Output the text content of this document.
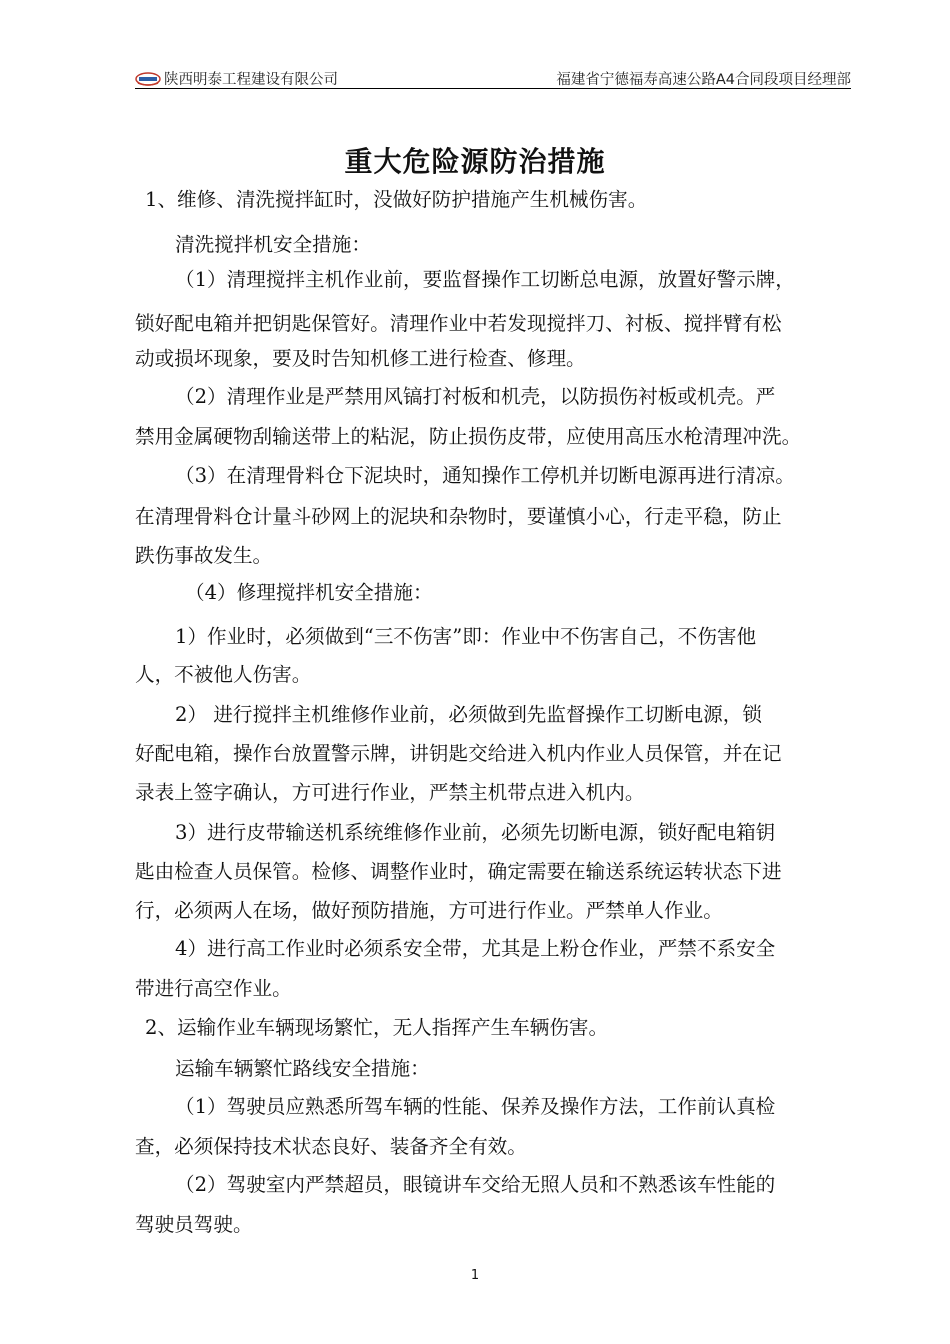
陕西明泰工程建设有限公司	福建省宁德福寿高速公路A4合同段项目经理部
重大危险源防治措施
1、维修、清洗搅拌缸时，没做好防护措施产生机械伤害。
清洗搅拌机安全措施：
（1）清理搅拌主机作业前，要监督操作工切断总电源，放置好警示牌，
锁好配电箱并把钥匙保管好。清理作业中若发现搅拌刀、衬板、搅拌臂有松
动或损坏现象，要及时告知机修工进行检查、修理。
（2）清理作业是严禁用风镐打衬板和机壳，以防损伤衬板或机壳。严
禁用金属硬物刮输送带上的粘泥，防止损伤皮带，应使用高压水枪清理冲洗。
（3）在清理骨料仓下泥块时，通知操作工停机并切断电源再进行清凉。
在清理骨料仓计量斗砂网上的泥块和杂物时，要谨慎小心，行走平稳，防止
跌伤事故发生。
（4）修理搅拌机安全措施：
1）作业时，必须做到“三不伤害”即：作业中不伤害自己，不伤害他
人，不被他人伤害。
2） 进行搅拌主机维修作业前，必须做到先监督操作工切断电源，锁
好配电箱，操作台放置警示牌，讲钥匙交给进入机内作业人员保管，并在记
录表上签字确认，方可进行作业，严禁主机带点进入机内。
3）进行皮带输送机系统维修作业前，必须先切断电源，锁好配电箱钥
匙由检查人员保管。检修、调整作业时，确定需要在输送系统运转状态下进
行，必须两人在场，做好预防措施，方可进行作业。严禁单人作业。
4）进行高工作业时必须系安全带，尤其是上粉仓作业，严禁不系安全
带进行高空作业。
2、运输作业车辆现场繁忙，无人指挥产生车辆伤害。
运输车辆繁忙路线安全措施：
（1）驾驶员应熟悉所驾车辆的性能、保养及操作方法，工作前认真检
查，必须保持技术状态良好、装备齐全有效。
（2）驾驶室内严禁超员，眼镜讲车交给无照人员和不熟悉该车性能的
驾驶员驾驶。
1
